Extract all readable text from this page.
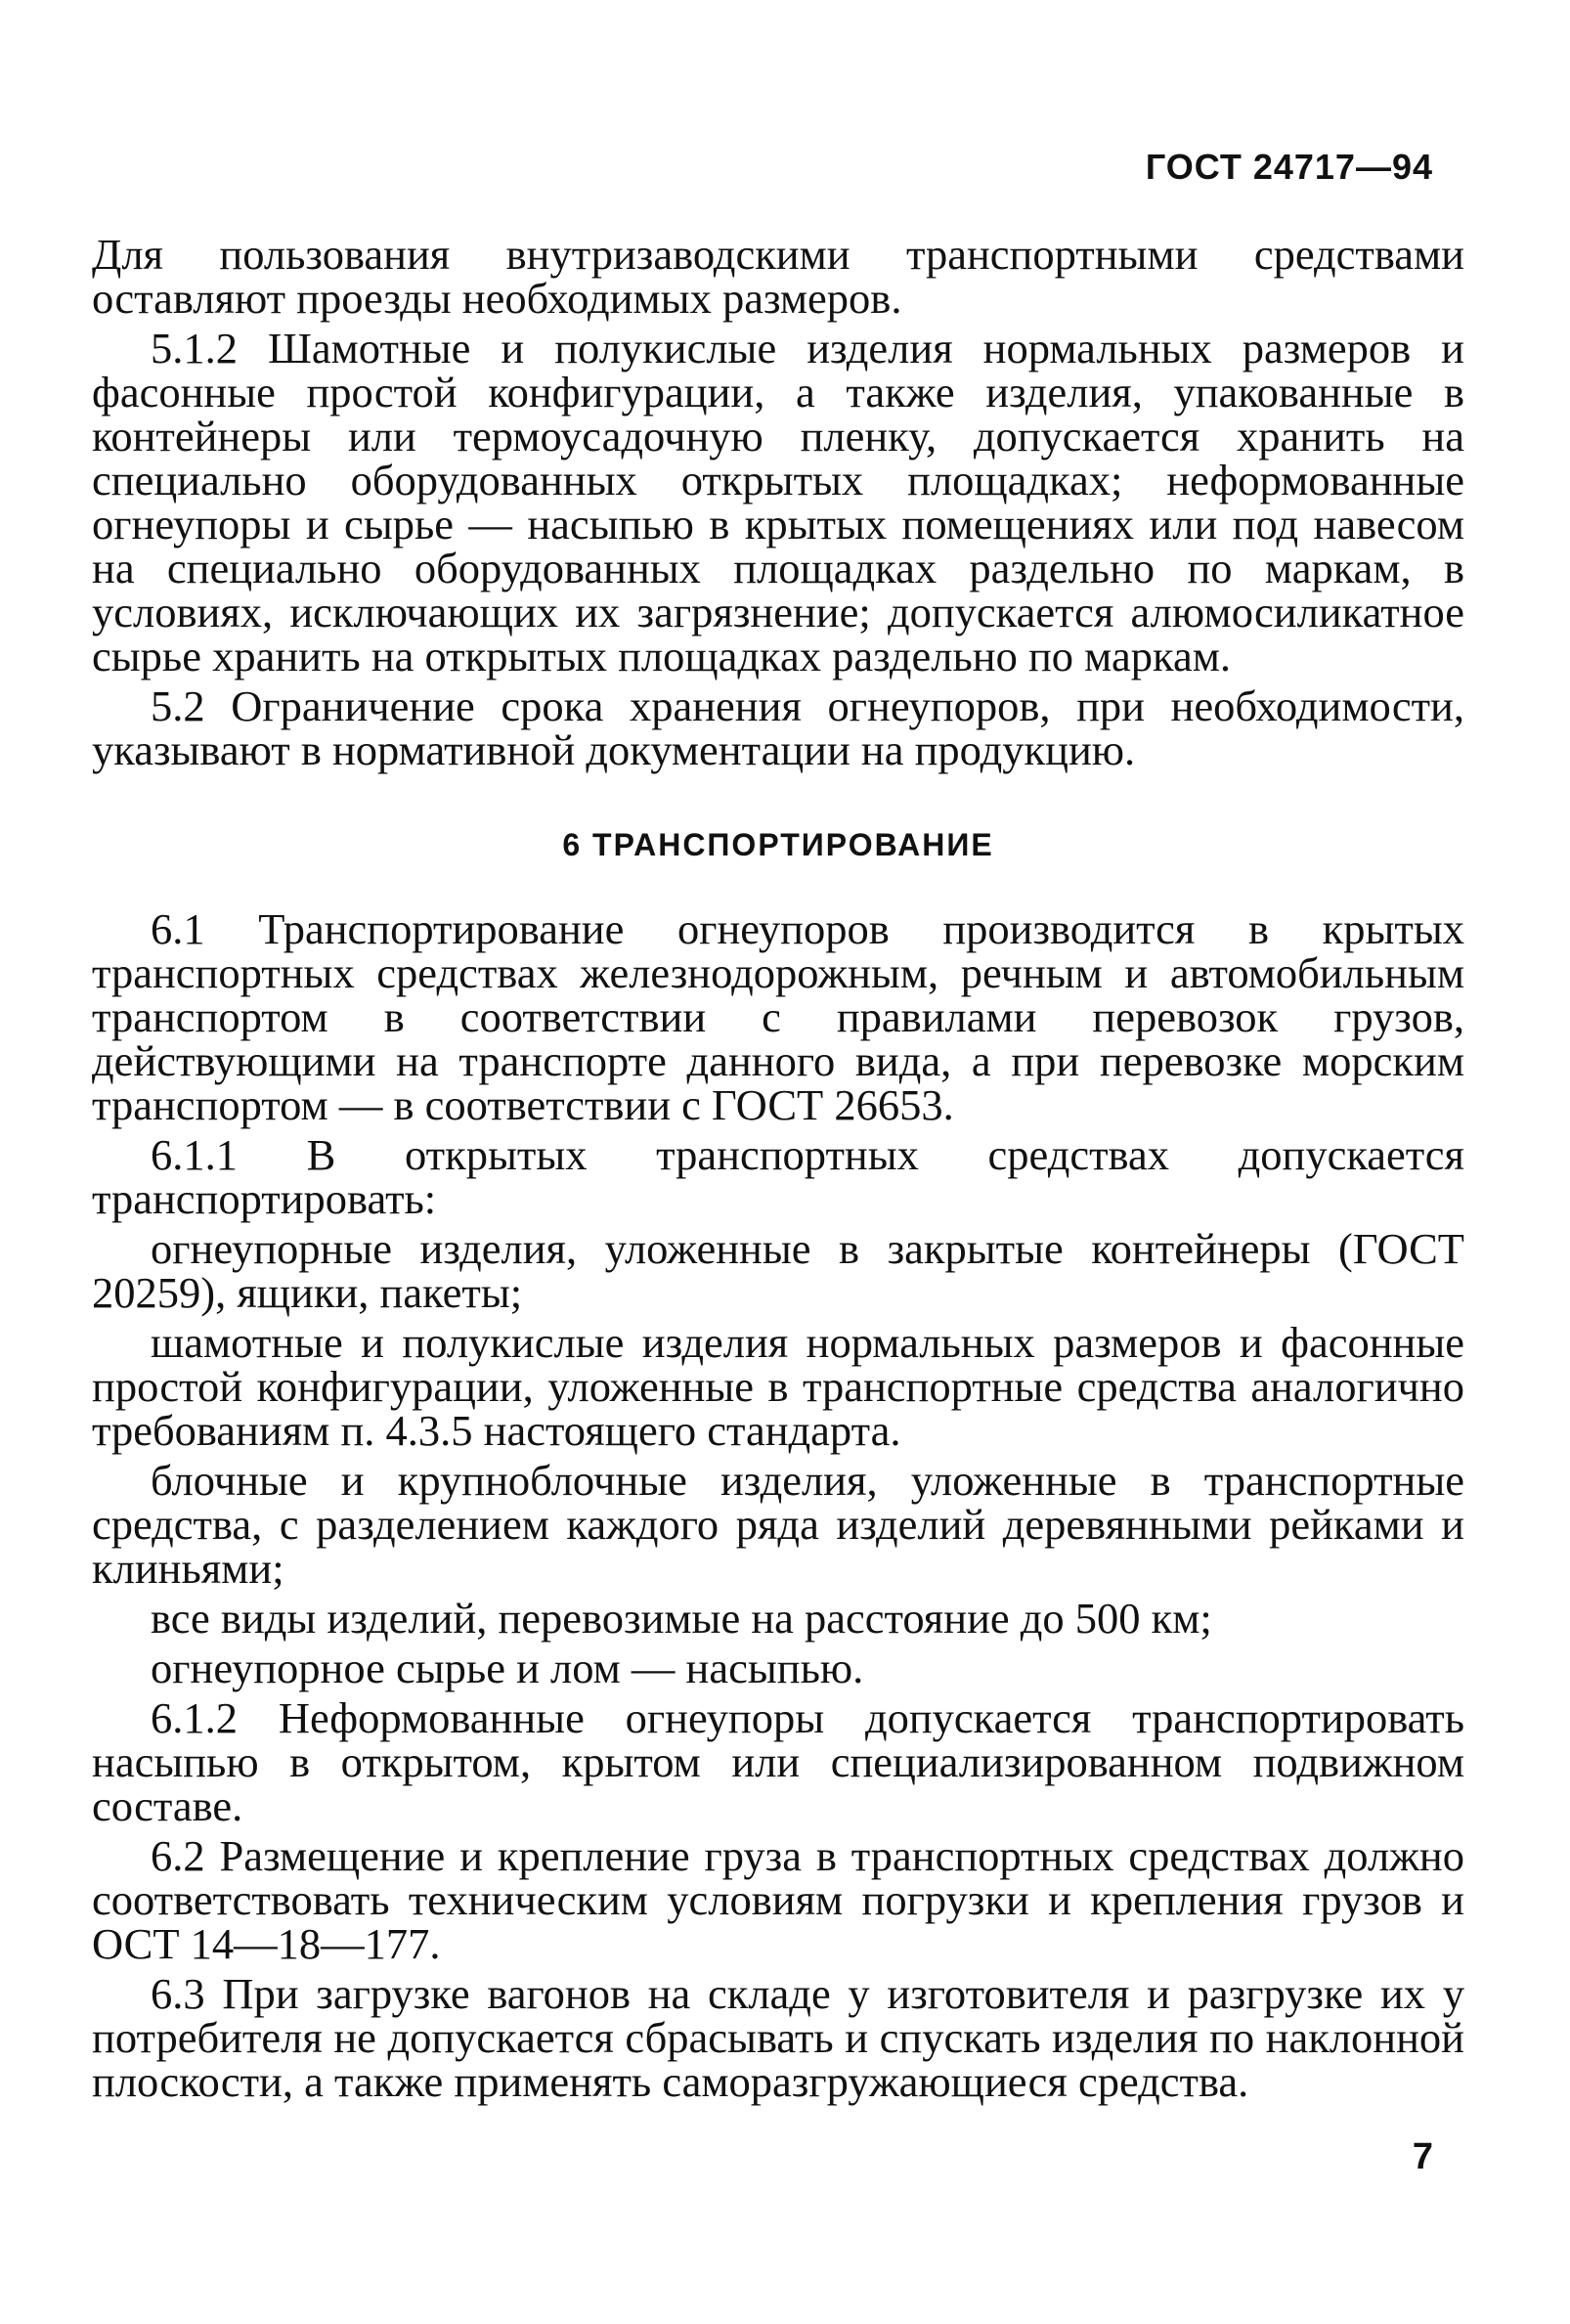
ГОСТ 24717—94

Для пользования внутризаводскими транспортными средствами оставляют проезды необходимых размеров.

5.1.2 Шамотные и полукислые изделия нормальных размеров и фасонные простой конфигурации, а также изделия, упакованные в контейнеры или термоусадочную пленку, допускается хранить на специально оборудованных открытых площадках; неформованные огнеупоры и сырье — насыпью в крытых помещениях или под навесом на специально оборудованных площадках раздельно по маркам, в условиях, исключающих их загрязнение; допускается алюмосиликатное сырье хранить на открытых площадках раздельно по маркам.

5.2 Ограничение срока хранения огнеупоров, при необходимости, указывают в нормативной документации на продукцию.

6 ТРАНСПОРТИРОВАНИЕ

6.1 Транспортирование огнеупоров производится в крытых транспортных средствах железнодорожным, речным и автомобильным транспортом в соответствии с правилами перевозок грузов, действующими на транспорте данного вида, а при перевозке морским транспортом — в соответствии с ГОСТ 26653.

6.1.1 В открытых транспортных средствах допускается транспортировать:

огнеупорные изделия, уложенные в закрытые контейнеры (ГОСТ 20259), ящики, пакеты;

шамотные и полукислые изделия нормальных размеров и фасонные простой конфигурации, уложенные в транспортные средства аналогично требованиям п. 4.3.5 настоящего стандарта.

блочные и крупноблочные изделия, уложенные в транспортные средства, с разделением каждого ряда изделий деревянными рейками и клиньями;

все виды изделий, перевозимые на расстояние до 500 км;

огнеупорное сырье и лом — насыпью.

6.1.2 Неформованные огнеупоры допускается транспортировать насыпью в открытом, крытом или специализированном подвижном составе.

6.2 Размещение и крепление груза в транспортных средствах должно соответствовать техническим условиям погрузки и крепления грузов и ОСТ 14—18—177.

6.3 При загрузке вагонов на складе у изготовителя и разгрузке их у потребителя не допускается сбрасывать и спускать изделия по наклонной плоскости, а также применять саморазгружающиеся средства.

7
